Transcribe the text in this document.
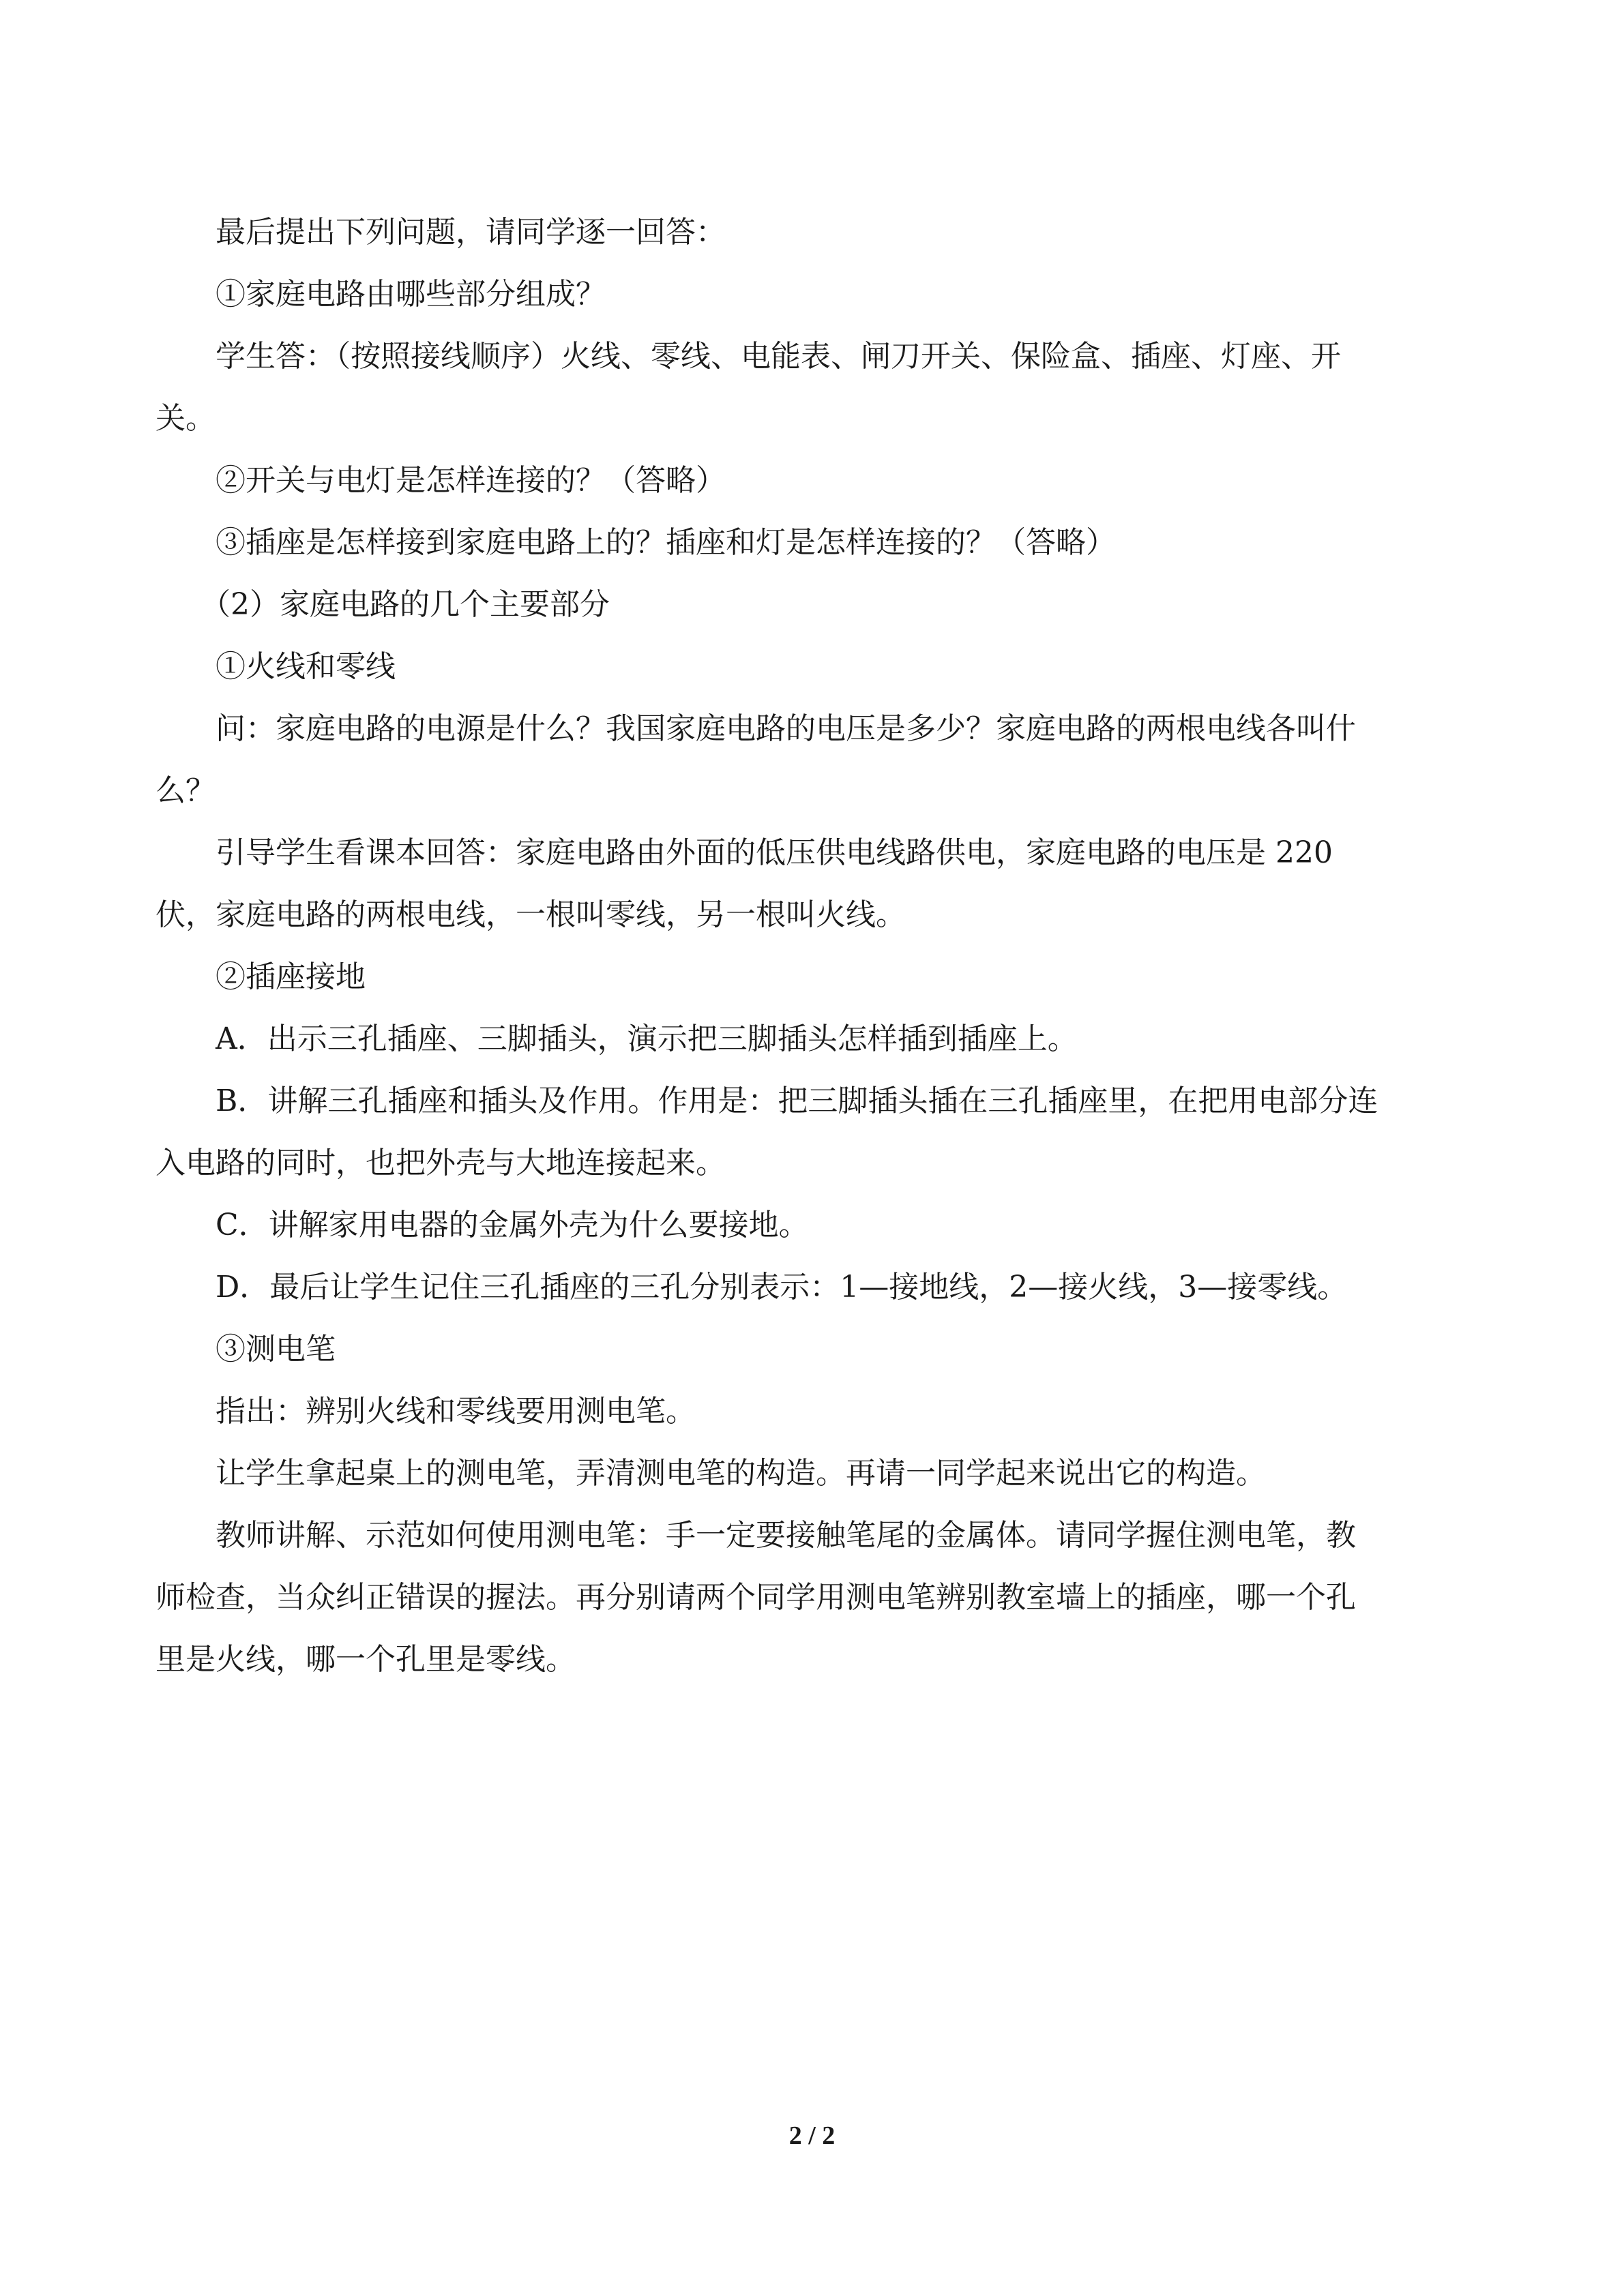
最后提出下列问题，请同学逐一回答：

①家庭电路由哪些部分组成？

学生答：（按照接线顺序）火线、零线、电能表、闸刀开关、保险盒、插座、灯座、开

关。

②开关与电灯是怎样连接的？（答略）

③插座是怎样接到家庭电路上的？插座和灯是怎样连接的？（答略）

（2）家庭电路的几个主要部分

①火线和零线

问：家庭电路的电源是什么？我国家庭电路的电压是多少？家庭电路的两根电线各叫什

么？

引导学生看课本回答：家庭电路由外面的低压供电线路供电，家庭电路的电压是 220

伏，家庭电路的两根电线，一根叫零线，另一根叫火线。

②插座接地

A．出示三孔插座、三脚插头，演示把三脚插头怎样插到插座上。

B．讲解三孔插座和插头及作用。作用是：把三脚插头插在三孔插座里，在把用电部分连

入电路的同时，也把外壳与大地连接起来。

C．讲解家用电器的金属外壳为什么要接地。

D．最后让学生记住三孔插座的三孔分别表示：1—接地线，2—接火线，3—接零线。

③测电笔

指出：辨别火线和零线要用测电笔。

让学生拿起桌上的测电笔，弄清测电笔的构造。再请一同学起来说出它的构造。

教师讲解、示范如何使用测电笔：手一定要接触笔尾的金属体。请同学握住测电笔，教

师检查，当众纠正错误的握法。再分别请两个同学用测电笔辨别教室墙上的插座，哪一个孔

里是火线，哪一个孔里是零线。

2 / 2
